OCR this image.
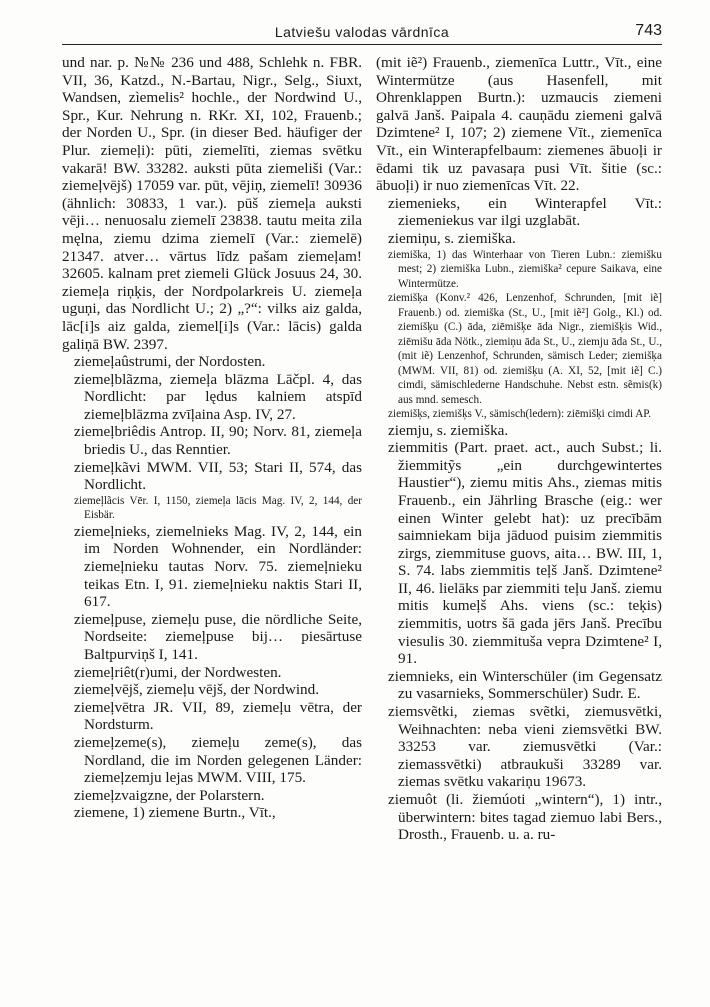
Latviešu valodas vārdnīca	743

und nar. p. №№ 236 und 488, Schlehk n. FBR. VII, 36, Katzd., N.-Bartau, Nigr., Selg., Siuxt, Wandsen, zìemelis² hochle., der Nordwind U., Spr., Kur. Nehrung n. RKr. XI, 102, Frauenb.; der Norden U., Spr. (in dieser Bed. häufiger der Plur. ziemeļi): pūti, ziemelīti, ziemas svētku vakarā! BW. 33282. auksti pūta ziemeliši (Var.: ziemeļvējš) 17059 var. pūt, vējiņ, ziemelī! 30936 (ähnlich: 30833, 1 var.). pūš ziemeļa auksti vēji… nenuosalu ziemelī 23838. tautu meita zila męlna, ziemu dzima ziemelī (Var.: ziemelē) 21347. atver… vārtus līdz pašam ziemeļam! 32605. kalnam pret ziemeli Glück Josuus 24, 30. ziemeļa riņķis, der Nordpolarkreis U. ziemeļa uguņi, das Nordlicht U.; 2) „?“: vilks aiz galda, lāc[i]s aiz galda, ziemel[i]s (Var.: lācis) galda galiņā BW. 2397.

ziemeļaûstrumi, der Nordosten.

ziemeļblãzma, ziemeļa blāzma Lāčpl. 4, das Nordlicht: par lędus kalniem atspīd ziemeļblāzma zvīļaina Asp. IV, 27.

ziemeļbriêdis Antrop. II, 90; Norv. 81, ziemeļa briedis U., das Renntier.

ziemeļkãvi MWM. VII, 53; Stari II, 574, das Nordlicht.

ziemeļlãcis Vēr. I, 1150, ziemeļa lācis Mag. IV, 2, 144, der Eisbär.

ziemeļnieks, ziemelnieks Mag. IV, 2, 144, ein im Norden Wohnender, ein Nordländer: ziemeļnieku tautas Norv. 75. ziemeļnieku teikas Etn. I, 91. ziemeļnieku naktis Stari II, 617.

ziemeļpuse, ziemeļu puse, die nördliche Seite, Nordseite: ziemeļpuse bij… piesārtuse Baltpurviņš I, 141.

ziemeļriêt(r)umi, der Nordwesten.

ziemeļvējš, ziemeļu vējš, der Nordwind.

ziemeļvētra JR. VII, 89, ziemeļu vētra, der Nordsturm.

ziemeļzeme(s), ziemeļu zeme(s), das Nordland, die im Norden gelegenen Länder: ziemeļzemju lejas MWM. VIII, 175.

ziemeļzvaigzne, der Polarstern.

ziemene, 1) ziemene Burtn., Vīt.,

(mit iẽ²) Frauenb., ziemenīca Luttr., Vīt., eine Wintermütze (aus Hasenfell, mit Ohrenklappen Burtn.): uzmaucis ziemeni galvā Janš. Paipala 4. cauņādu ziemeni galvā Dzimtene² I, 107; 2) ziemene Vīt., ziemenīca Vīt., ein Winterapfelbaum: ziemenes ābuoļi ir ēdami tik uz pavasaŗa pusi Vīt. šitie (sc.: ābuoļi) ir nuo ziemenīcas Vīt. 22.

ziemenieks, ein Winterapfel Vīt.: ziemeniekus var ilgi uzglabāt.

ziemiņu, s. ziemiška.

ziemiška, 1) das Winterhaar von Tieren Lubn.: ziemišku mest; 2) ziemiška Lubn., ziemiška² cepure Saikava, eine Wintermütze.

ziemišķa (Konv.² 426, Lenzenhof, Schrunden, [mit iẽ] Frauenb.) od. ziemiška (St., U., [mit iẽ²] Golg., Kl.) od. ziemišķu (C.) āda, ziēmišķe āda Nigr., ziemišķis Wid., ziēmišu āda Nötk., ziemiņu āda St., U., ziemju āda St., U., (mit iẽ) Lenzenhof, Schrunden, sämisch Leder; ziemišķa (MWM. VII, 81) od. ziemišķu (A. XI, 52, [mit iẽ] C.) cimdi, sämischlederne Handschuhe. Nebst estn. sẽmis(k) aus mnd. semesch.

ziemišķs, ziemišķs V., sämisch(ledern): ziēmišķi cimdi AP.

ziemju, s. ziemiška.

ziemmitis (Part. praet. act., auch Subst.; li. žiemmitỹs „ein durchgewintertes Haustier“), ziemu mitis Ahs., ziemas mitis Frauenb., ein Jährling Brasche (eig.: wer einen Winter gelebt hat): uz precībām saimniekam bija jāduod puisim ziemmitis zirgs, ziemmituse guovs, aita… BW. III, 1, S. 74. labs ziemmitis teļš Janš. Dzimtene² II, 46. lielāks par ziemmiti teļu Janš. ziemu mitis kumeļš Ahs. viens (sc.: teķis) ziemmitis, uotrs šā gada jērs Janš. Precību viesulis 30. ziemmituša vepra Dzimtene² I, 91.

ziemnieks, ein Winterschüler (im Gegensatz zu vasarnieks, Sommerschüler) Sudr. E.

ziemsvẽtki, ziemas svẽtki, ziemusvētki, Weihnachten: neba vieni ziemsvētki BW. 33253 var. ziemusvētki (Var.: ziemassvētki) atbraukuši 33289 var. ziemas svētku vakariņu 19673.

ziemuôt (li. žiemúoti „wintern“), 1) intr., überwintern: bites tagad ziemuo labi Bers., Drosth., Frauenb. u. a. ru-
